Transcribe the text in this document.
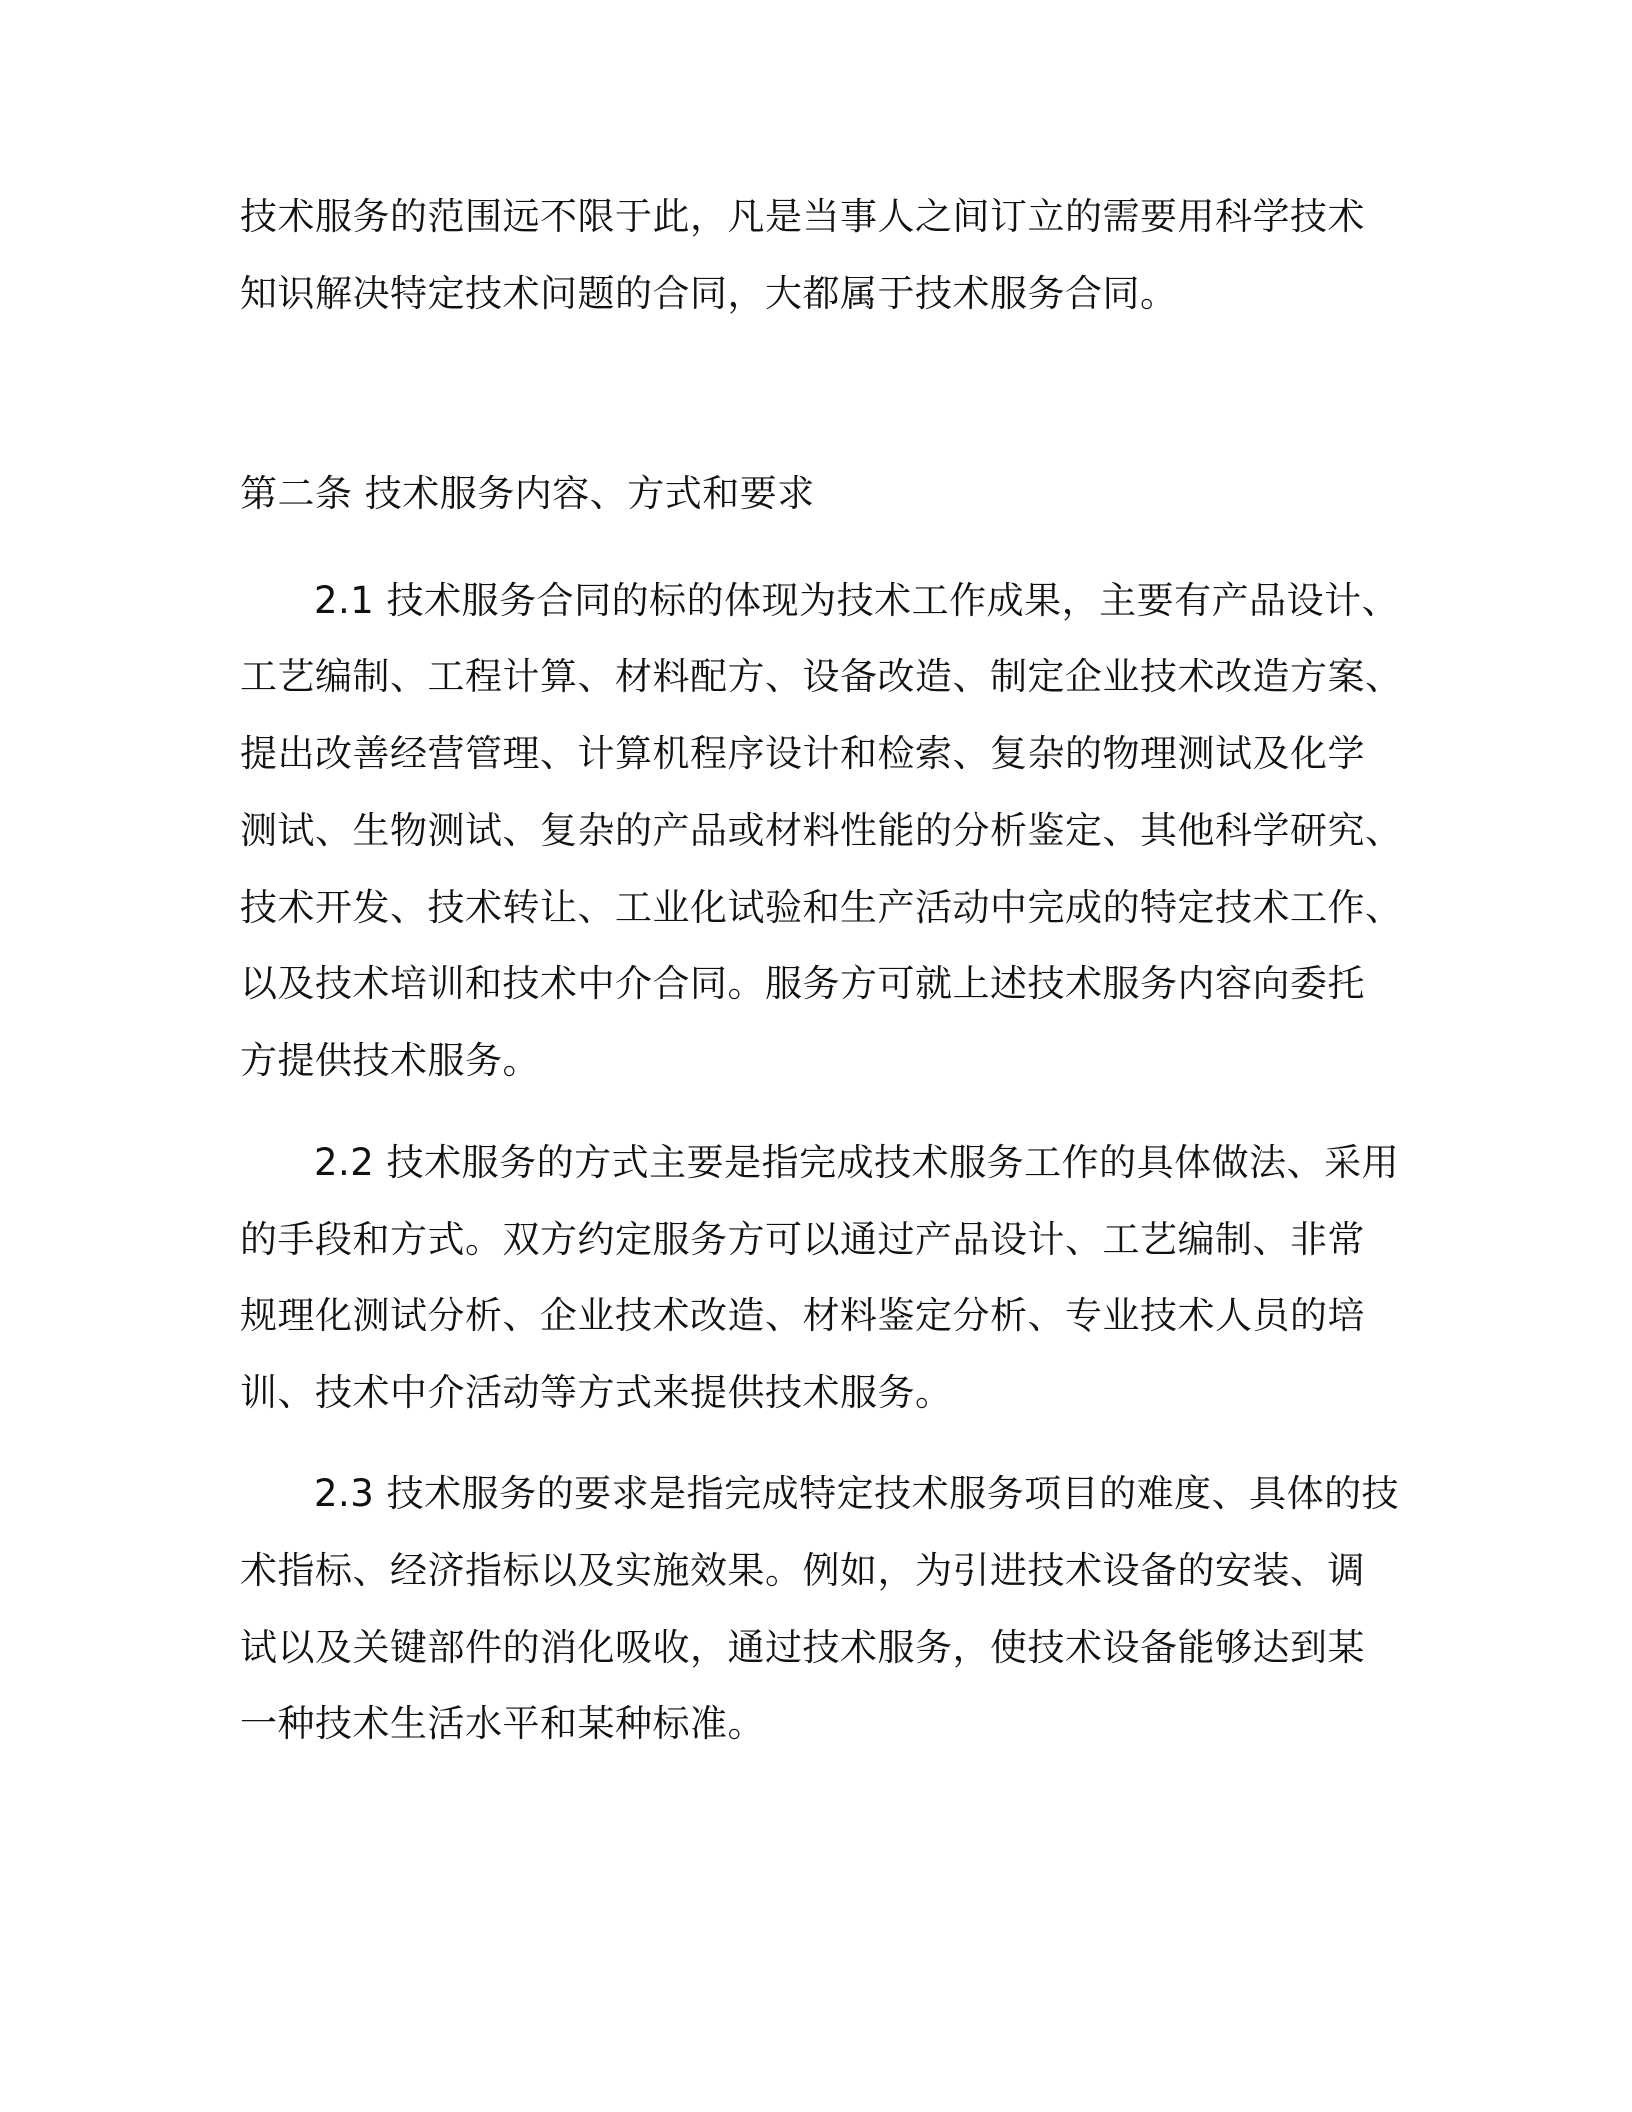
技术服务的范围远不限于此，凡是当事人之间订立的需要用科学技术

知识解决特定技术问题的合同，大都属于技术服务合同。

第二条 技术服务内容、方式和要求

2.1 技术服务合同的标的体现为技术工作成果，主要有产品设计、

工艺编制、工程计算、材料配方、设备改造、制定企业技术改造方案、

提出改善经营管理、计算机程序设计和检索、复杂的物理测试及化学

测试、生物测试、复杂的产品或材料性能的分析鉴定、其他科学研究、

技术开发、技术转让、工业化试验和生产活动中完成的特定技术工作、

以及技术培训和技术中介合同。服务方可就上述技术服务内容向委托

方提供技术服务。

2.2 技术服务的方式主要是指完成技术服务工作的具体做法、采用

的手段和方式。双方约定服务方可以通过产品设计、工艺编制、非常

规理化测试分析、企业技术改造、材料鉴定分析、专业技术人员的培

训、技术中介活动等方式来提供技术服务。

2.3 技术服务的要求是指完成特定技术服务项目的难度、具体的技

术指标、经济指标以及实施效果。例如，为引进技术设备的安装、调

试以及关键部件的消化吸收，通过技术服务，使技术设备能够达到某

一种技术生活水平和某种标准。
